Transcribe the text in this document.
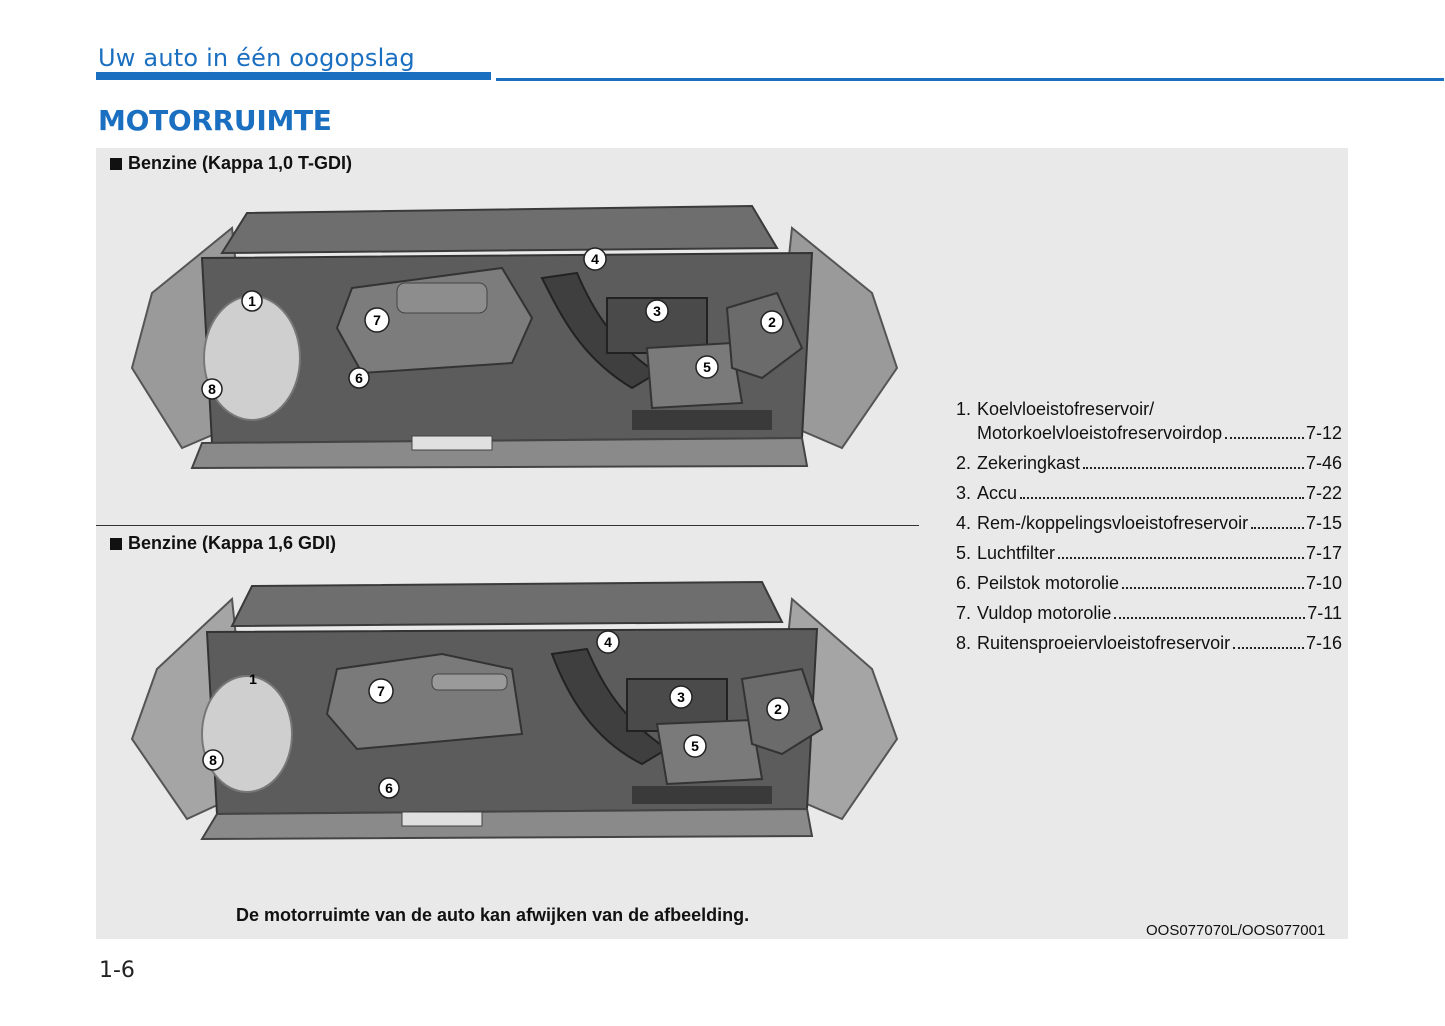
Uw auto in één oogopslag
MOTORRUIMTE
Benzine (Kappa 1,0 T-GDI)
1
2
3
4
5
6
7
8
Benzine (Kappa 1,6 GDI)
1
2
3
4
5
6
7
8
1. Koelvloeistofreservoir/
Motorkoelvloeistofreservoirdop	7-12
2. Zekeringkast	7-46
3. Accu	7-22
4. Rem-/koppelingsvloeistofreservoir	7-15
5. Luchtfilter	7-17
6. Peilstok motorolie	7-10
7. Vuldop motorolie	7-11
8. Ruitensproeiervloeistofreservoir	7-16
De motorruimte van de auto kan afwijken van de afbeelding.
OOS077070L/OOS077001
1-6
